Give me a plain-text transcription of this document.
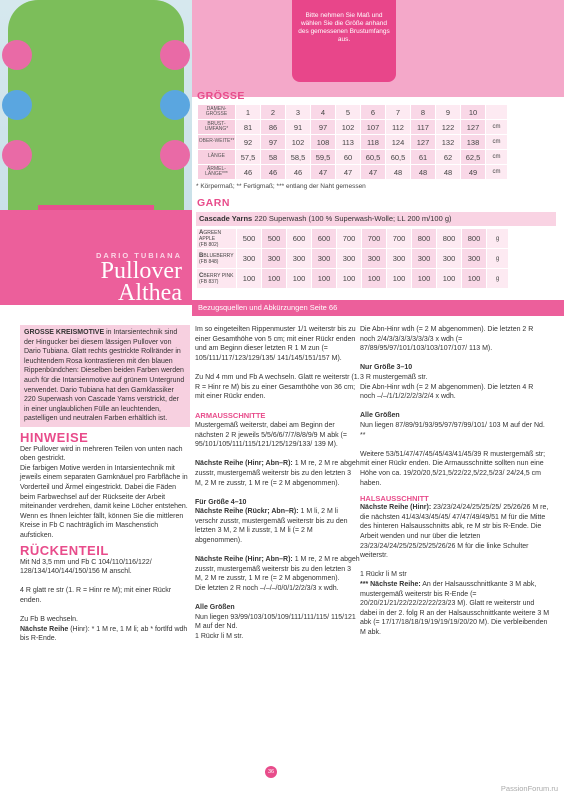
DARIO TUBIANA
Pullover
Althea
Bitte nehmen Sie Maß und wählen Sie die Größe anhand des gemessenen Brustumfangs aus.
GRÖSSE
DAMEN-GRÖSSE	1	2	3	4	5	6	7	8	9	10	
BRUST-UMFANG*	81	86	91	97	102	107	112	117	122	127	cm
OBER-WEITE**	92	97	102	108	113	118	124	127	132	138	cm
LÄNGE	57,5	58	58,5	59,5	60	60,5	60,5	61	62	62,5	cm
ÄRMEL-LÄNGE***	46	46	46	47	47	47	48	48	48	49	cm
* Körpermaß; ** Fertigmaß; *** entlang der Naht gemessen
GARN
Cascade Yarns 220 Superwash (100 % Superwash-Wolle; LL 200 m/100 g)
AGREEN APPLE
(FB 802)	500	500	600	600	700	700	700	800	800	800	g
BBLUEBERRY
(FB 848)	300	300	300	300	300	300	300	300	300	300	g
CBERRY PINK
(FB 837)	100	100	100	100	100	100	100	100	100	100	g
Bezugsquellen und Abkürzungen Seite 66
GROSSE KREISMOTIVE in Intarsientechnik sind der Hingucker bei diesem lässigen Pullover von Dario Tubiana. Glatt rechts gestrickte Rollränder in leuchtendem Rosa kontrastieren mit den blauen Rippenbündchen: Dieselben beiden Farben werden auch für die Intarsienmotive auf grünem Untergrund verwendet. Dario Tubiana hat den Garnklassiker 220 Superwash von Cascade Yarns verstrickt, der in einer unglaublichen Fülle an leuchtenden, pastelligen und neutralen Farben erhältlich ist.
HINWEISE

Der Pullover wird in mehreren Teilen von unten nach oben gestrickt.

Die farbigen Motive werden in Intarsientechnik mit jeweils einem separaten Garnknäuel pro Farbfläche in Vorderteil und Ärmel eingestrickt. Dabei die Fäden beim Farbwechsel auf der Rückseite der Arbeit miteinander verdrehen, damit keine Löcher entstehen. Wenn es Ihnen leichter fällt, können Sie die mittleren Kreise in Fb C nachträglich im Maschenstich aufsticken.

RÜCKENTEIL

Mit Nd 3,5 mm und Fb C 104/110/116/122/ 128/134/140/144/150/156 M anschl.

4 R glatt re str (1. R = Hinr re M); mit einer Rückr enden.

Zu Fb B wechseln.

Nächste Reihe (Hinr): * 1 M re, 1 M li; ab * fortlfd wdh bis R-Ende.

Im so eingeteilten Rippenmuster 1/1 weiterstr bis zu einer Gesamthöhe von 5 cm; mit einer Rückr enden und am Beginn dieser letzten R 1 M zun (= 105/111/117/123/129/135/ 141/145/151/157 M).

Zu Nd 4 mm und Fb A wechseln. Glatt re weiterstr (1. R = Hinr re M) bis zu einer Gesamthöhe von 36 cm; mit einer Rückr enden.

ARMAUSSCHNITTE

Mustergemäß weiterstr, dabei am Beginn der nächsten 2 R jeweils 5/5/6/6/7/7/8/8/9/9 M abk (= 95/101/105/111/115/121/125/129/133/ 139 M).

Nächste Reihe (Hinr; Abn–R): 1 M re, 2 M re abgeh zusstr, mustergemäß weiterstr bis zu den letzten 3 M, 2 M re zusstr, 1 M re (= 2 M abgenommen).

Für Größe 4–10

Nächste Reihe (Rückr; Abn–R): 1 M li, 2 M li verschr zusstr, mustergemäß weiterstr bis zu den letzten 3 M, 2 M li zusstr, 1 M li (= 2 M abgenommen).

Nächste Reihe (Hinr; Abn–R): 1 M re, 2 M re abgeh zusstr, mustergemäß weiterstr bis zu den letzten 3 M, 2 M re zusstr, 1 M re (= 2 M abgenommen).

Die letzten 2 R noch –/–/–/0/0/1/2/2/3/3 x wdh.

Alle Größen

Nun liegen 93/99/103/105/109/111/111/115/ 115/121 M auf der Nd.

1 Rückr li M str.

Die Abn-Hinr wdh (= 2 M abgenommen). Die letzten 2 R noch 2/4/3/3/3/3/3/3/3/3 x wdh (= 87/89/95/97/101/103/103/107/107/ 113 M).

Nur Größe 3–10

3 R mustergemäß str.

Die Abn-Hinr wdh (= 2 M abgenommen). Die letzten 4 R noch –/–/1/1/2/2/2/3/2/4 x wdh.

Alle Größen

Nun liegen 87/89/91/93/95/97/97/99/101/ 103 M auf der Nd. **

Weitere 53/51/47/47/45/45/43/41/45/39 R mustergemäß str; mit einer Rückr enden. Die Armausschnitte sollten nun eine Höhe von ca. 19/20/20,5/21,5/22/22,5/22,5/23/ 24/24,5 cm haben.

HALSAUSSCHNITT

Nächste Reihe (Hinr): 23/23/24/24/25/25/25/ 25/26/26 M re, die nächsten 41/43/43/45/45/ 47/47/49/49/51 M für die Mitte des hinteren Halsausschnitts abk, re M str bis R-Ende. Die Arbeit wenden und nur über die letzten 23/23/24/24/25/25/25/25/26/26 M für die linke Schulter weiterstr.

1 Rückr li M str

*** Nächste Reihe: An der Halsausschnittkante 3 M abk, mustergemäß weiterstr bis R-Ende (= 20/20/21/21/22/22/22/22/23/23 M). Glatt re weiterstr und dabei in der 2. folg R an der Halsausschnittkante weitere 3 M abk (= 17/17/18/18/19/19/19/19/20/20 M). Die verbleibenden M abk.

36
PassionForum.ru
